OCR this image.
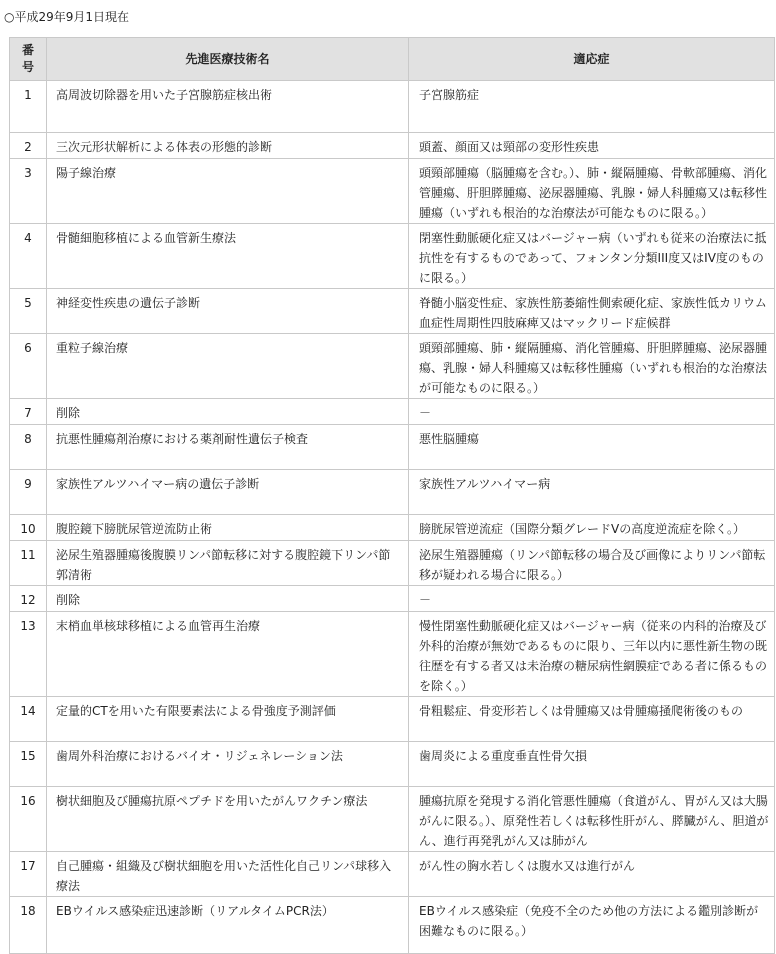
○平成29年9月1日現在
番
号	先進医療技術名	適応症
1	高周波切除器を用いた子宮腺筋症核出術	子宮腺筋症
2	三次元形状解析による体表の形態的診断	頭蓋、顔面又は頸部の変形性疾患
3	陽子線治療	頭頸部腫瘍（脳腫瘍を含む。）、肺・縦隔腫瘍、骨軟部腫瘍、消化管腫瘍、肝胆膵腫瘍、泌尿器腫瘍、乳腺・婦人科腫瘍又は転移性腫瘍（いずれも根治的な治療法が可能なものに限る。）
4	骨髄細胞移植による血管新生療法	閉塞性動脈硬化症又はバージャー病（いずれも従来の治療法に抵抗性を有するものであって、フォンタン分類III度又はIV度のものに限る。）
5	神経変性疾患の遺伝子診断	脊髄小脳変性症、家族性筋萎縮性側索硬化症、家族性低カリウム血症性周期性四肢麻痺又はマックリード症候群
6	重粒子線治療	頭頸部腫瘍、肺・縦隔腫瘍、消化管腫瘍、肝胆膵腫瘍、泌尿器腫瘍、乳腺・婦人科腫瘍又は転移性腫瘍（いずれも根治的な治療法が可能なものに限る。）
7	削除	－
8	抗悪性腫瘍剤治療における薬剤耐性遺伝子検査	悪性脳腫瘍
9	家族性アルツハイマー病の遺伝子診断	家族性アルツハイマー病
10	腹腔鏡下膀胱尿管逆流防止術	膀胱尿管逆流症（国際分類グレードVの高度逆流症を除く。）
11	泌尿生殖器腫瘍後腹膜リンパ節転移に対する腹腔鏡下リンパ節郭清術	泌尿生殖器腫瘍（リンパ節転移の場合及び画像によりリンパ節転移が疑われる場合に限る。）
12	削除	－
13	末梢血単核球移植による血管再生治療	慢性閉塞性動脈硬化症又はバージャー病（従来の内科的治療及び外科的治療が無効であるものに限り、三年以内に悪性新生物の既往歴を有する者又は未治療の糖尿病性網膜症である者に係るものを除く。）
14	定量的CTを用いた有限要素法による骨強度予測評価	骨粗鬆症、骨変形若しくは骨腫瘍又は骨腫瘍掻爬術後のもの
15	歯周外科治療におけるバイオ・リジェネレーション法	歯周炎による重度垂直性骨欠損
16	樹状細胞及び腫瘍抗原ペプチドを用いたがんワクチン療法	腫瘍抗原を発現する消化管悪性腫瘍（食道がん、胃がん又は大腸がんに限る。）、原発性若しくは転移性肝がん、膵臓がん、胆道がん、進行再発乳がん又は肺がん
17	自己腫瘍・組織及び樹状細胞を用いた活性化自己リンパ球移入療法	がん性の胸水若しくは腹水又は進行がん
18	EBウイルス感染症迅速診断（リアルタイムPCR法）	EBウイルス感染症（免疫不全のため他の方法による鑑別診断が困難なものに限る。）
